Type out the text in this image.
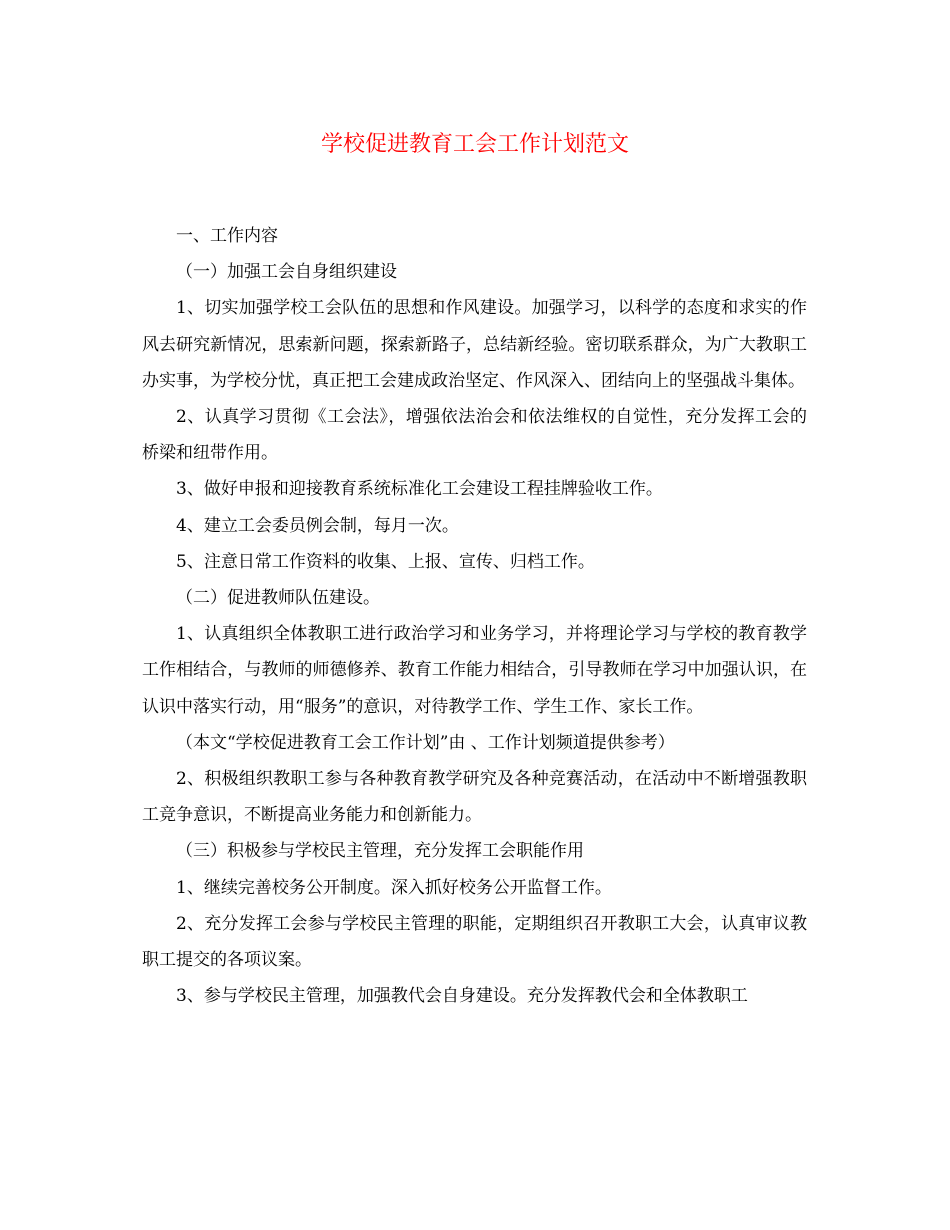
学校促进教育工会工作计划范文

一、工作内容

（一）加强工会自身组织建设

1、切实加强学校工会队伍的思想和作风建设。加强学习，以科学的态度和求实的作风去研究新情况，思索新问题，探索新路子，总结新经验。密切联系群众，为广大教职工办实事，为学校分忧，真正把工会建成政治坚定、作风深入、团结向上的坚强战斗集体。

2、认真学习贯彻《工会法》，增强依法治会和依法维权的自觉性，充分发挥工会的桥梁和纽带作用。

3、做好申报和迎接教育系统标准化工会建设工程挂牌验收工作。

4、建立工会委员例会制，每月一次。

5、注意日常工作资料的收集、上报、宣传、归档工作。

（二）促进教师队伍建设。

1、认真组织全体教职工进行政治学习和业务学习，并将理论学习与学校的教育教学工作相结合，与教师的师德修养、教育工作能力相结合，引导教师在学习中加强认识，在认识中落实行动，用“服务”的意识，对待教学工作、学生工作、家长工作。

（本文“学校促进教育工会工作计划”由 、工作计划频道提供参考）

2、积极组织教职工参与各种教育教学研究及各种竞赛活动，在活动中不断增强教职工竞争意识，不断提高业务能力和创新能力。

（三）积极参与学校民主管理，充分发挥工会职能作用

1、继续完善校务公开制度。深入抓好校务公开监督工作。

2、充分发挥工会参与学校民主管理的职能，定期组织召开教职工大会，认真审议教职工提交的各项议案。

3、参与学校民主管理，加强教代会自身建设。充分发挥教代会和全体教职工
